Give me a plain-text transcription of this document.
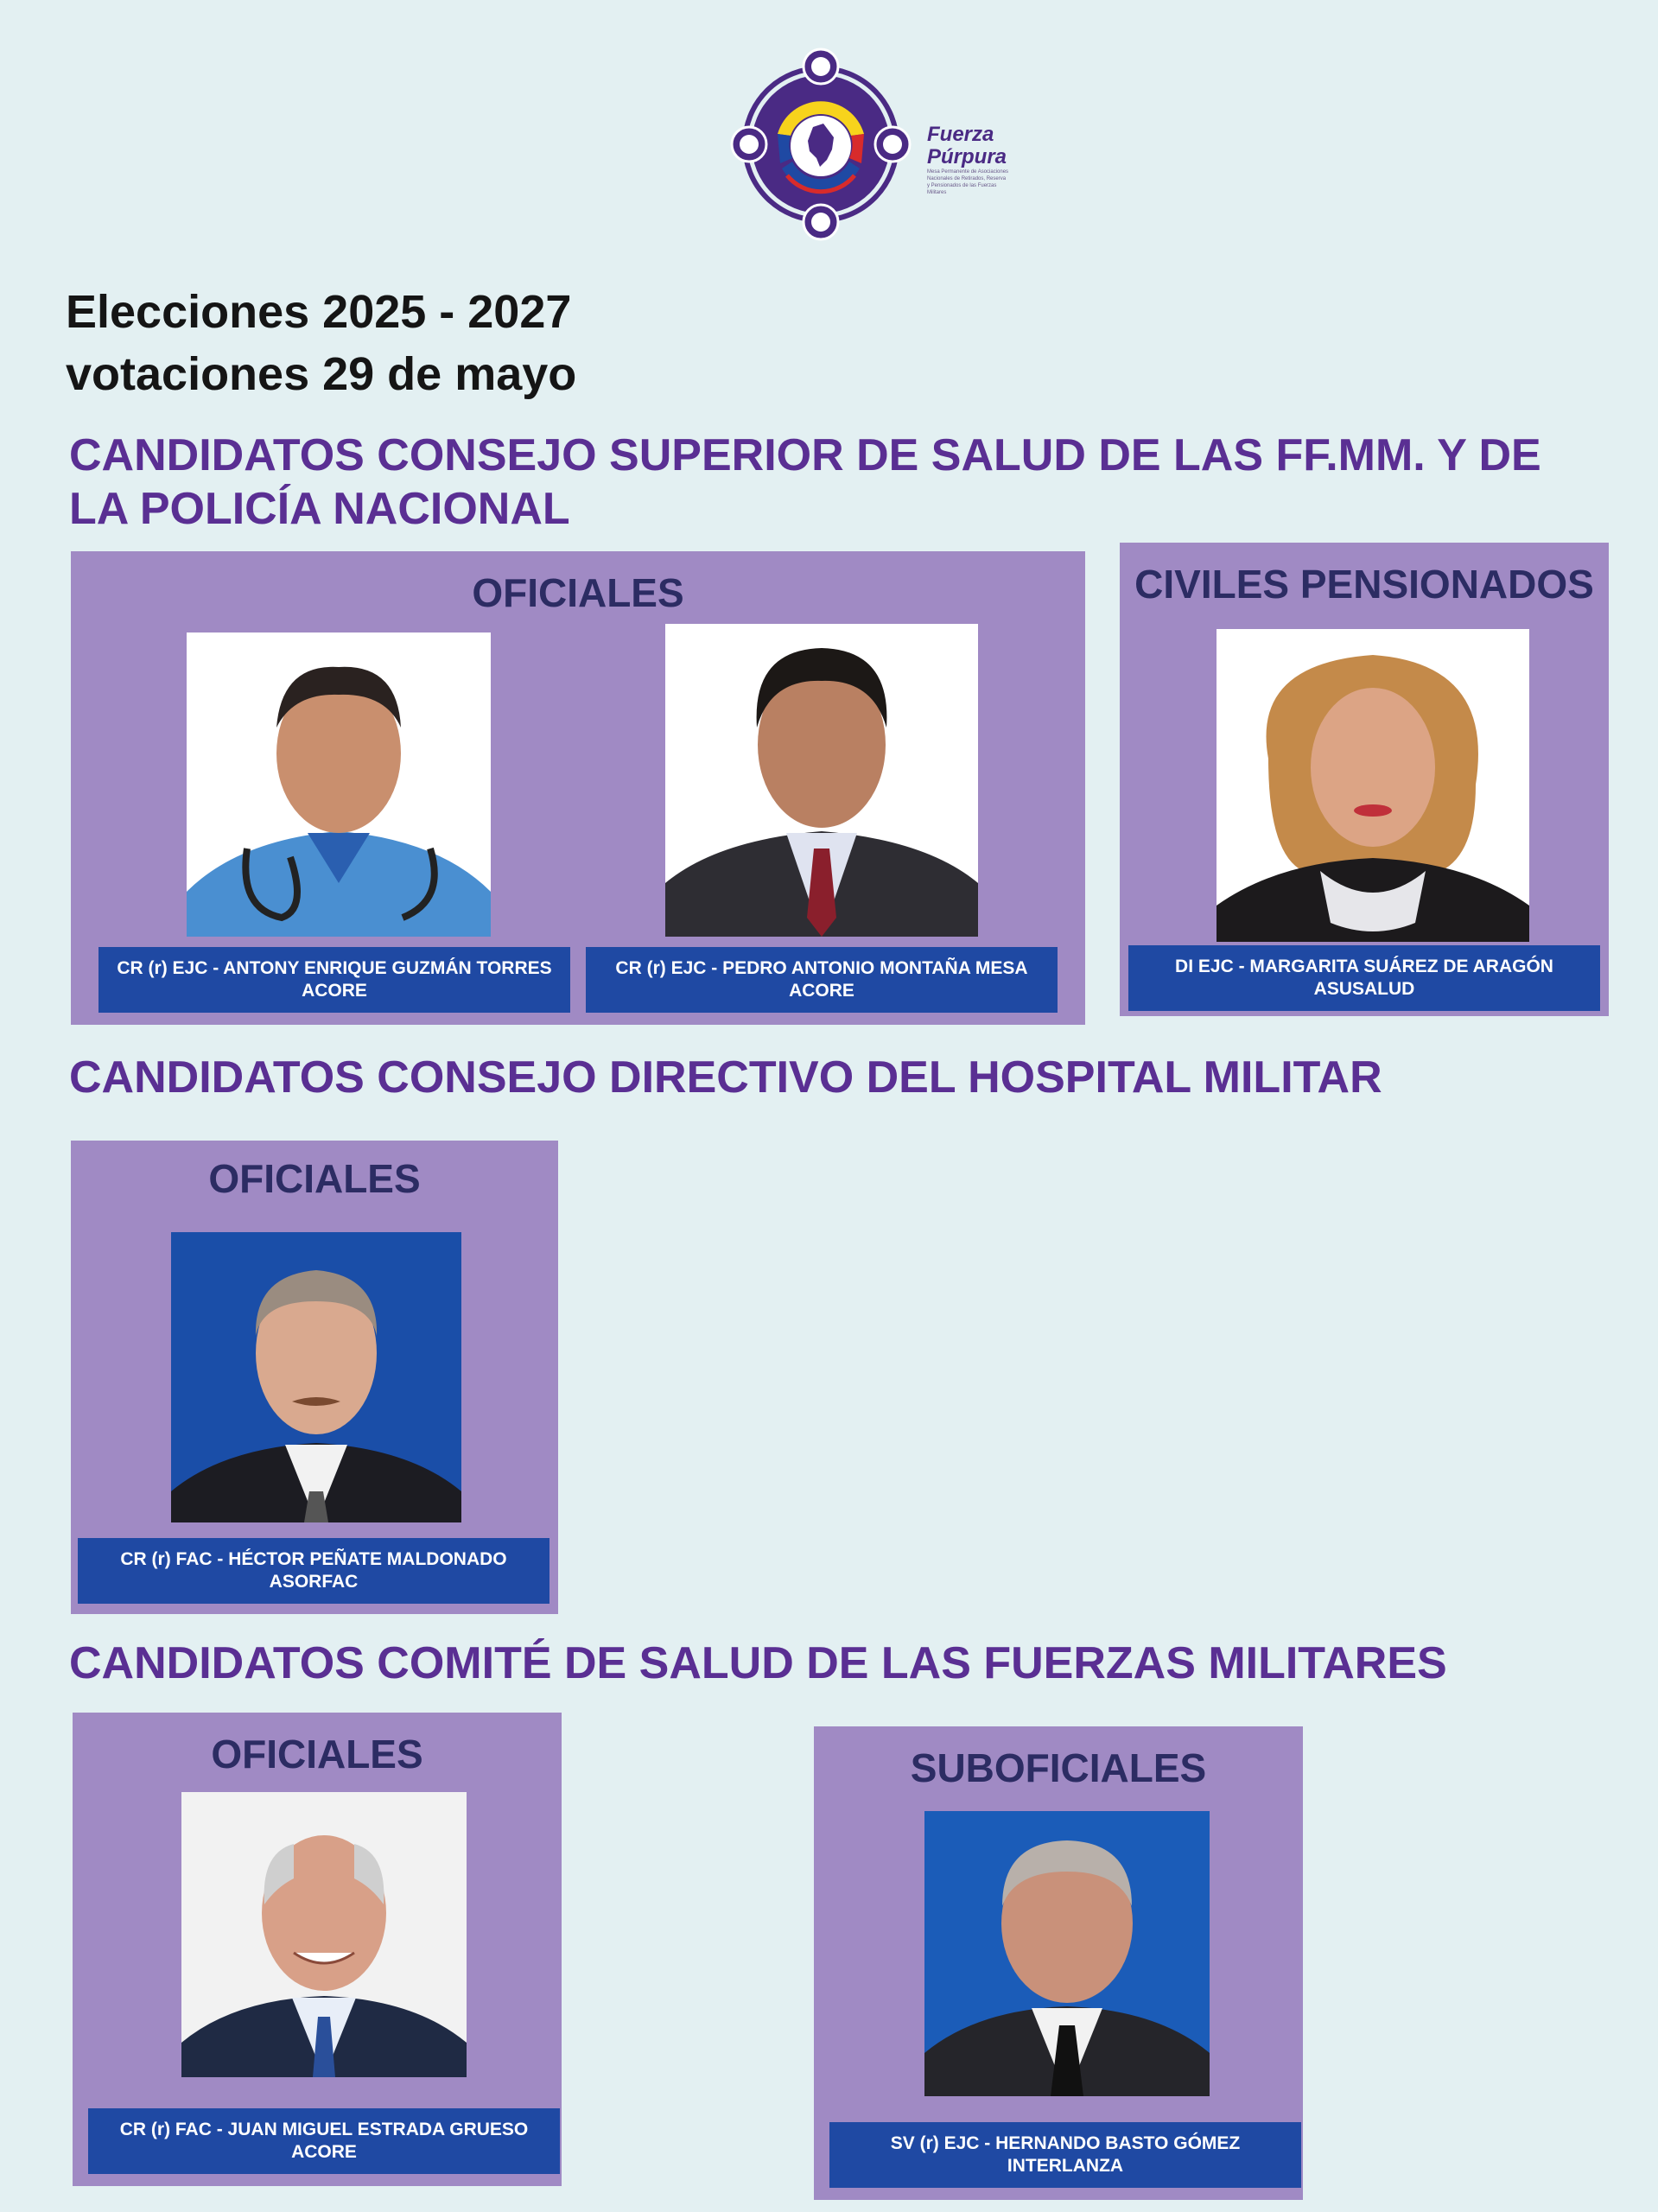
Fuerza
Púrpura
Mesa Permanente de Asociaciones Nacionales de Retirados, Reserva y Pensionados de las Fuerzas Militares
Elecciones 2025 - 2027
votaciones 29 de mayo
CANDIDATOS CONSEJO SUPERIOR DE SALUD DE LAS FF.MM. Y DE
LA POLICÍA NACIONAL
OFICIALES
CR (r) EJC - ANTONY ENRIQUE GUZMÁN TORRES
ACORE
CR (r) EJC - PEDRO ANTONIO MONTAÑA MESA
ACORE
CIVILES PENSIONADOS
DI EJC - MARGARITA SUÁREZ DE ARAGÓN
ASUSALUD
CANDIDATOS CONSEJO DIRECTIVO DEL HOSPITAL MILITAR
OFICIALES
CR (r) FAC - HÉCTOR PEÑATE MALDONADO
ASORFAC
CANDIDATOS COMITÉ DE SALUD DE LAS FUERZAS MILITARES
OFICIALES
CR (r) FAC - JUAN MIGUEL ESTRADA GRUESO
ACORE
SUBOFICIALES
SV (r) EJC - HERNANDO BASTO GÓMEZ
INTERLANZA
